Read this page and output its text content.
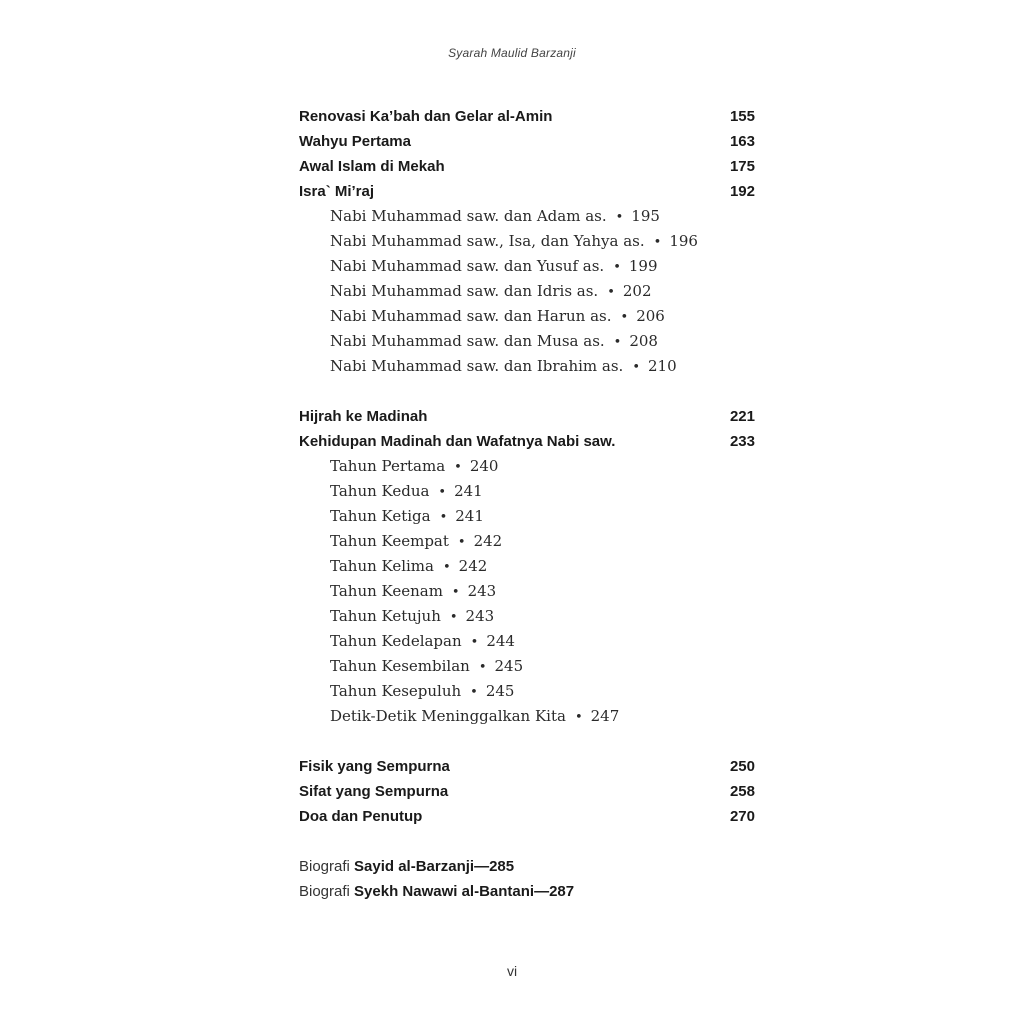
Syarah Maulid Barzanji
Renovasi Ka’bah dan Gelar al-Amin	155
Wahyu Pertama	163
Awal Islam di Mekah	175
Isra` Mi’raj	192
Nabi Muhammad saw. dan Adam as. • 195
Nabi Muhammad saw., Isa, dan Yahya as. • 196
Nabi Muhammad saw. dan Yusuf as. • 199
Nabi Muhammad saw. dan Idris as. • 202
Nabi Muhammad saw. dan Harun as. • 206
Nabi Muhammad saw. dan Musa as. • 208
Nabi Muhammad saw. dan Ibrahim as. • 210
Hijrah ke Madinah	221
Kehidupan Madinah dan Wafatnya Nabi saw.	233
Tahun Pertama • 240
Tahun Kedua • 241
Tahun Ketiga • 241
Tahun Keempat • 242
Tahun Kelima • 242
Tahun Keenam • 243
Tahun Ketujuh • 243
Tahun Kedelapan • 244
Tahun Kesembilan • 245
Tahun Kesepuluh • 245
Detik-Detik Meninggalkan Kita • 247
Fisik yang Sempurna	250
Sifat yang Sempurna	258
Doa dan Penutup	270
Biografi Sayid al-Barzanji—285
Biografi Syekh Nawawi al-Bantani—287
vi
